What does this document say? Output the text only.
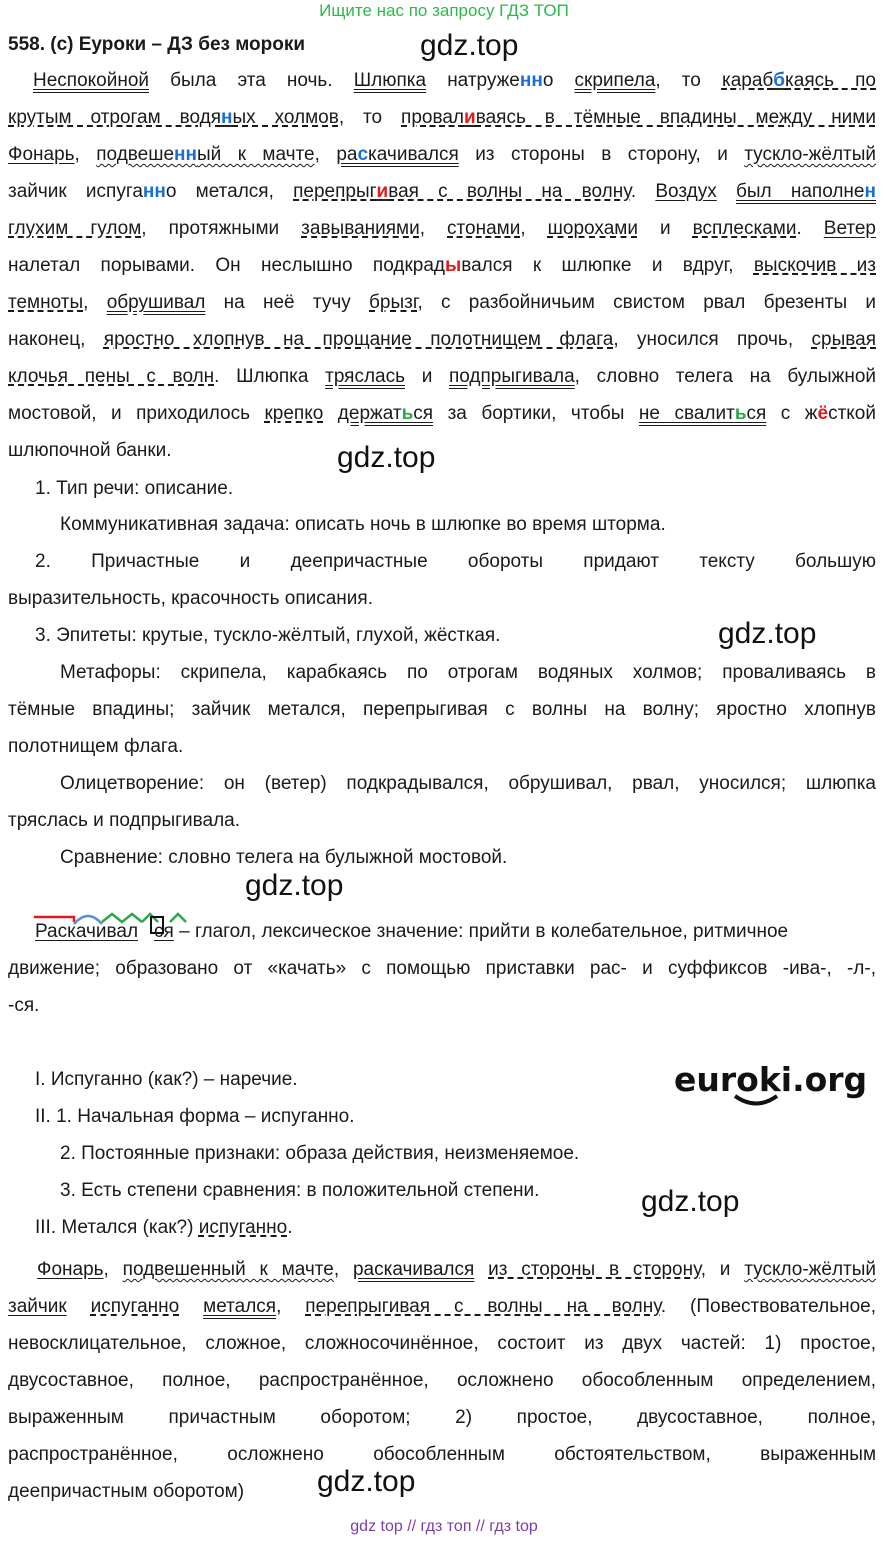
Ищите нас по запросу ГДЗ ТОП
558. (с) Еуроки – ДЗ без мороки	gdz.top
gdz.top
gdz.top
gdz.top
gdz.top
gdz.top
Неспокойной была эта ночь. Шлюпка натруженно скрипела, то караббкаясь по
крутым отрогам водяных холмов, то проваливаясь в тёмные впадины между ними
Фонарь, подвешенный к мачте, раскачивался из стороны в сторону, и тускло-жёлтый
зайчик испуганно метался, перепрыгивая с волны на волну. Воздух был наполнен
глухим гулом, протяжными завываниями, стонами, шорохами и всплесками. Ветер
налетал порывами. Он неслышно подкрадывался к шлюпке и вдруг, выскочив из
темноты, обрушивал на неё тучу брызг, с разбойничьим свистом рвал брезенты и
наконец, яростно хлопнув на прощание полотнищем флага, уносился прочь, срывая
клочья пены с волн. Шлюпка тряслась и подпрыгивала, словно телега на булыжной
мостовой, и приходилось крепко держаться за бортики, чтобы не свалиться с жёсткой
шлюпочной банки.
1. Тип речи: описание.
Коммуникативная задача: описать ночь в шлюпке во время шторма.
2. Причастные и деепричастные обороты придают тексту большую
выразительность, красочность описания.
3. Эпитеты: крутые, тускло-жёлтый, глухой, жёсткая.
Метафоры: скрипела, карабкаясь по отрогам водяных холмов; проваливаясь в
тёмные впадины; зайчик метался, перепрыгивая с волны на волну; яростно хлопнув
полотнищем флага.
Олицетворение: он (ветер) подкрадывался, обрушивал, рвал, уносился; шлюпка
тряслась и подпрыгивала.
Сравнение: словно телега на булыжной мостовой.
Раскачивал ся – глагол, лексическое значение: прийти в колебательное, ритмичное
движение; образовано от «качать» с помощью приставки рас- и суффиксов -ива-, -л-,
-ся.
euroki.org
I. Испуганно (как?) – наречие.
II. 1. Начальная форма – испуганно.
2. Постоянные признаки: образа действия, неизменяемое.
3. Есть степени сравнения: в положительной степени.
III. Метался (как?) испуганно.
Фонарь, подвешенный к мачте, раскачивался из стороны в сторону, и тускло-жёлтый
зайчик испуганно метался, перепрыгивая с волны на волну. (Повествовательное,
невосклицательное, сложное, сложносочинённое, состоит из двух частей: 1) простое,
двусоставное, полное, распространённое, осложнено обособленным определением,
выраженным причастным оборотом; 2) простое, двусоставное, полное,
распространённое,	осложнено	обособленным	обстоятельством,	выраженным
деепричастным оборотом)
gdz top // гдз топ // гдз top
